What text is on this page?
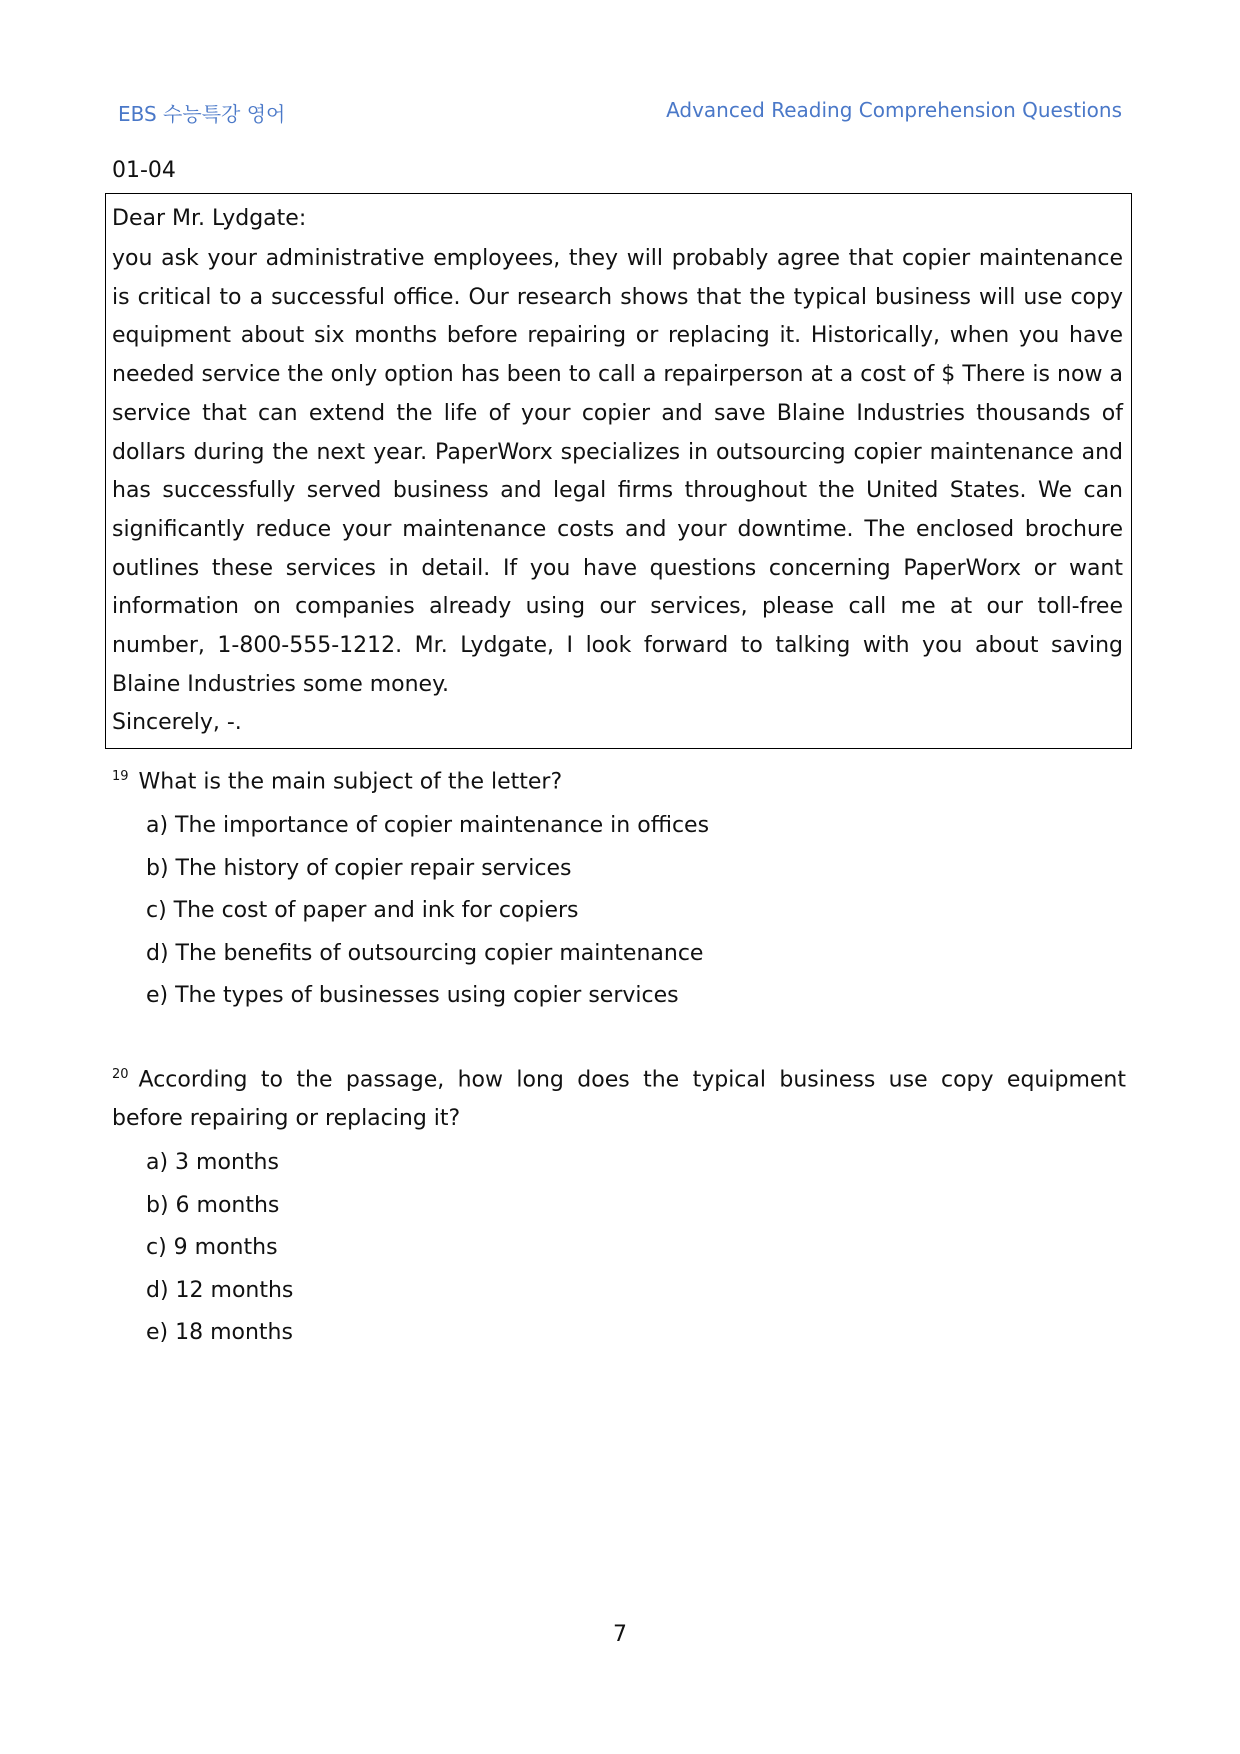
EBS 수능특강 영어	Advanced Reading Comprehension Questions
01-04
Dear Mr. Lydgate:
you ask your administrative employees, they will probably agree that copier maintenance is critical to a successful office. Our research shows that the typical business will use copy equipment about six months before repairing or replacing it. Historically, when you have needed service the only option has been to call a repairperson at a cost of $ There is now a service that can extend the life of your copier and save Blaine Industries thousands of dollars during the next year. PaperWorx specializes in outsourcing copier maintenance and has successfully served business and legal firms throughout the United States. We can significantly reduce your maintenance costs and your downtime. The enclosed brochure outlines these services in detail. If you have questions concerning PaperWorx or want information on companies already using our services, please call me at our toll-free number, 1-800-555-1212. Mr. Lydgate, I look forward to talking with you about saving Blaine Industries some money.
Sincerely, -.
$^{19}$ What is the main subject of the letter?
a) The importance of copier maintenance in offices
b) The history of copier repair services
c) The cost of paper and ink for copiers
d) The benefits of outsourcing copier maintenance
e) The types of businesses using copier services
$^{20}$ According to the passage, how long does the typical business use copy equipment before repairing or replacing it?
a) 3 months
b) 6 months
c) 9 months
d) 12 months
e) 18 months
7
